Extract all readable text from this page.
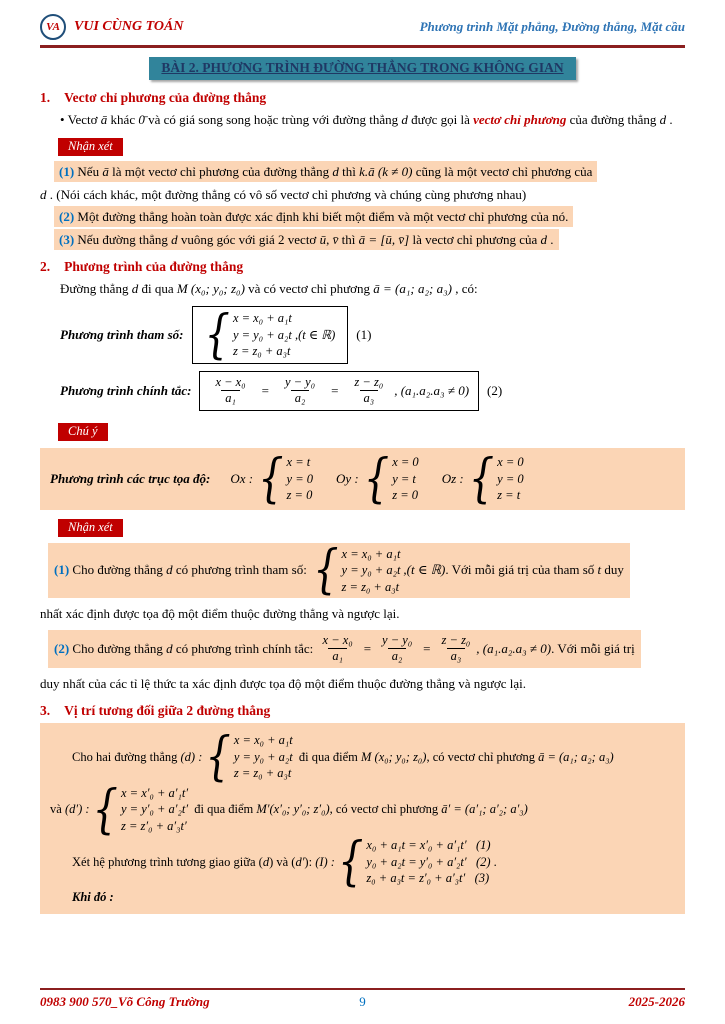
VA VUI CÙNG TOÁN	Phương trình Mặt phẳng, Đường thẳng, Mặt cầu
BÀI 2. PHƯƠNG TRÌNH ĐƯỜNG THẲNG TRONG KHÔNG GIAN
1. Vectơ chỉ phương của đường thẳng

• Vectơ ā khác 0̄ và có giá song song hoặc trùng với đường thẳng d được gọi là vectơ chỉ phương của đường thẳng d .

Nhận xét
(1) Nếu ā là một vectơ chỉ phương của đường thẳng d thì k.ā (k ≠ 0) cũng là một vectơ chỉ phương của
d . (Nói cách khác, một đường thẳng có vô số vectơ chỉ phương và chúng cùng phương nhau)
(2) Một đường thẳng hoàn toàn được xác định khi biết một điểm và một vectơ chỉ phương của nó.
(3) Nếu đường thẳng d vuông góc với giá 2 vectơ ū, v̄ thì ā = [ū, v̄] là vectơ chỉ phương của d .
2. Phương trình của đường thẳng

Đường thẳng d đi qua M (x₀; y₀; z₀) và có vectơ chỉ phương ā = (a₁; a₂; a₃) , có:

Phương trình tham số: { x = x₀ + a₁t
y = y₀ + a₂t ,(t ∈ ℝ)
z = z₀ + a₃t
(1)
Phương trình chính tắc: $\frac{\text{x − x₀}}{\text{a₁}} = \frac{\text{y − y₀}}{\text{a₂}} = \frac{\text{z − z₀}}{\text{a₃}}$ , (a₁.a₂.a₃ ≠ 0) (2)
Chú ý
Phương trình các trục tọa độ: Ox : { x = t
y = 0
z = 0
Oy : { x = 0
y = t
z = 0
Oz : { x = 0
y = 0
z = t
Nhận xét
(1) Cho đường thẳng d có phương trình tham số: { x = x₀ + a₁t
y = y₀ + a₂t
z = z₀ + a₃t
,(t ∈ ℝ). Với mỗi giá trị của tham số t duy
nhất xác định được tọa độ một điểm thuộc đường thẳng và ngược lại.
(2) Cho đường thẳng d có phương trình chính tắc: $\frac{\text{x − x₀}}{\text{a₁}} = \frac{\text{y − y₀}}{\text{a₂}} = \frac{\text{z − z₀}}{\text{a₃}}$ , (a₁.a₂.a₃ ≠ 0). Với mỗi giá trị
duy nhất của các tỉ lệ thức ta xác định được tọa độ một điểm thuộc đường thẳng và ngược lại.
3. Vị trí tương đối giữa 2 đường thẳng
Cho hai đường thẳng (d) : { x = x₀ + a₁t
y = y₀ + a₂t
z = z₀ + a₃t
đi qua điểm M (x₀; y₀; z₀), có vectơ chỉ phương ā = (a₁; a₂; a₃)
và (d′) : { x = x′₀ + a′₁t′
y = y′₀ + a′₂t′
z = z′₀ + a′₃t′
đi qua điểm M′(x′₀; y′₀; z′₀), có vectơ chỉ phương ā′ = (a′₁; a′₂; a′₃)
Xét hệ phương trình tương giao giữa (d) và (d′): (I) : { x₀ + a₁t = x′₀ + a′₁t′   (1)
y₀ + a₂t = y′₀ + a′₂t′   (2)
z₀ + a₃t = z′₀ + a′₃t′   (3)
.
Khi đó :
0983 900 570_Võ Công Trường	9	2025-2026
